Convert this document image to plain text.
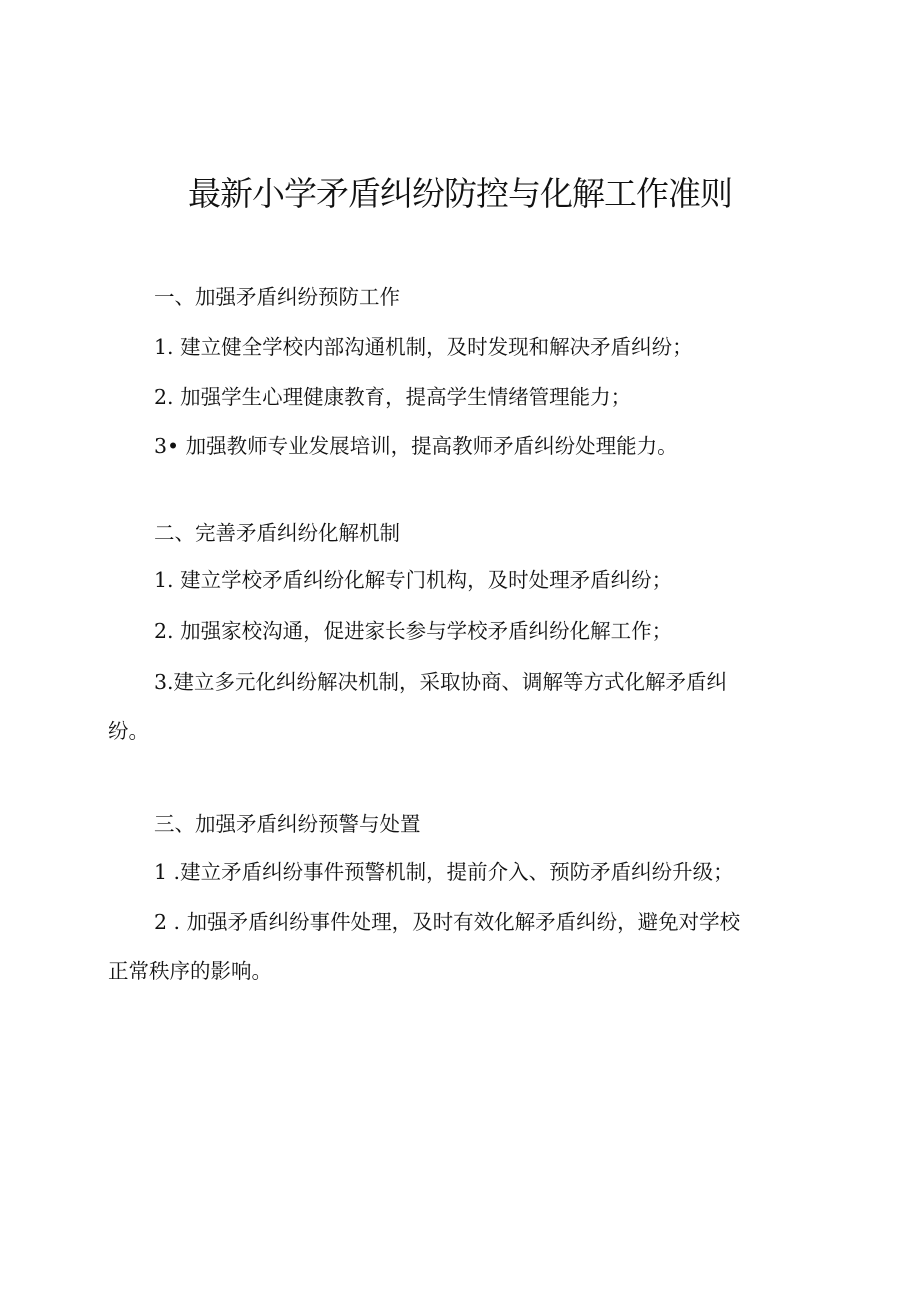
最新小学矛盾纠纷防控与化解工作准则
一、加强矛盾纠纷预防工作
1. 建立健全学校内部沟通机制，及时发现和解决矛盾纠纷；
2. 加强学生心理健康教育，提高学生情绪管理能力；
3• 加强教师专业发展培训，提高教师矛盾纠纷处理能力。
二、完善矛盾纠纷化解机制
1. 建立学校矛盾纠纷化解专门机构，及时处理矛盾纠纷；
2. 加强家校沟通，促进家长参与学校矛盾纠纷化解工作；
3.建立多元化纠纷解决机制，采取协商、调解等方式化解矛盾纠
纷。
三、加强矛盾纠纷预警与处置
1 .建立矛盾纠纷事件预警机制，提前介入、预防矛盾纠纷升级；
2 . 加强矛盾纠纷事件处理，及时有效化解矛盾纠纷，避免对学校
正常秩序的影响。
